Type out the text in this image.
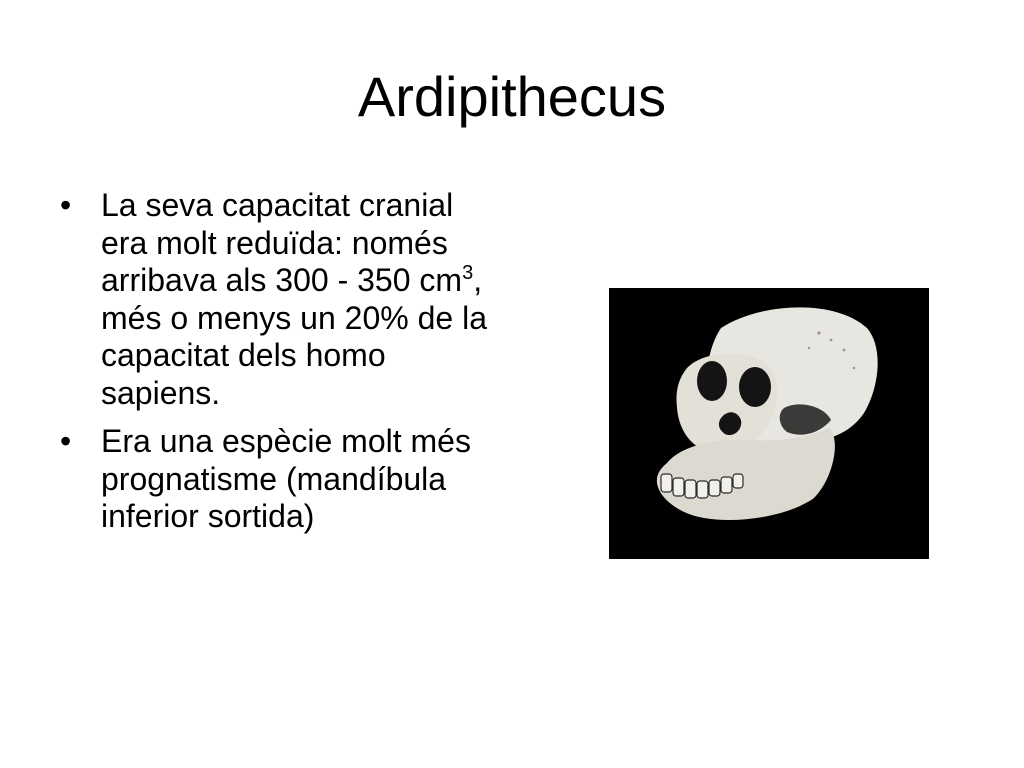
Ardipithecus
• La seva capacitat cranial era molt reduïda: només arribava als 300 - 350 $cm^3$, més o menys un 20% de la capacitat dels homo sapiens.
• Era una espècie molt més prognatisme (mandíbula inferior sortida)
